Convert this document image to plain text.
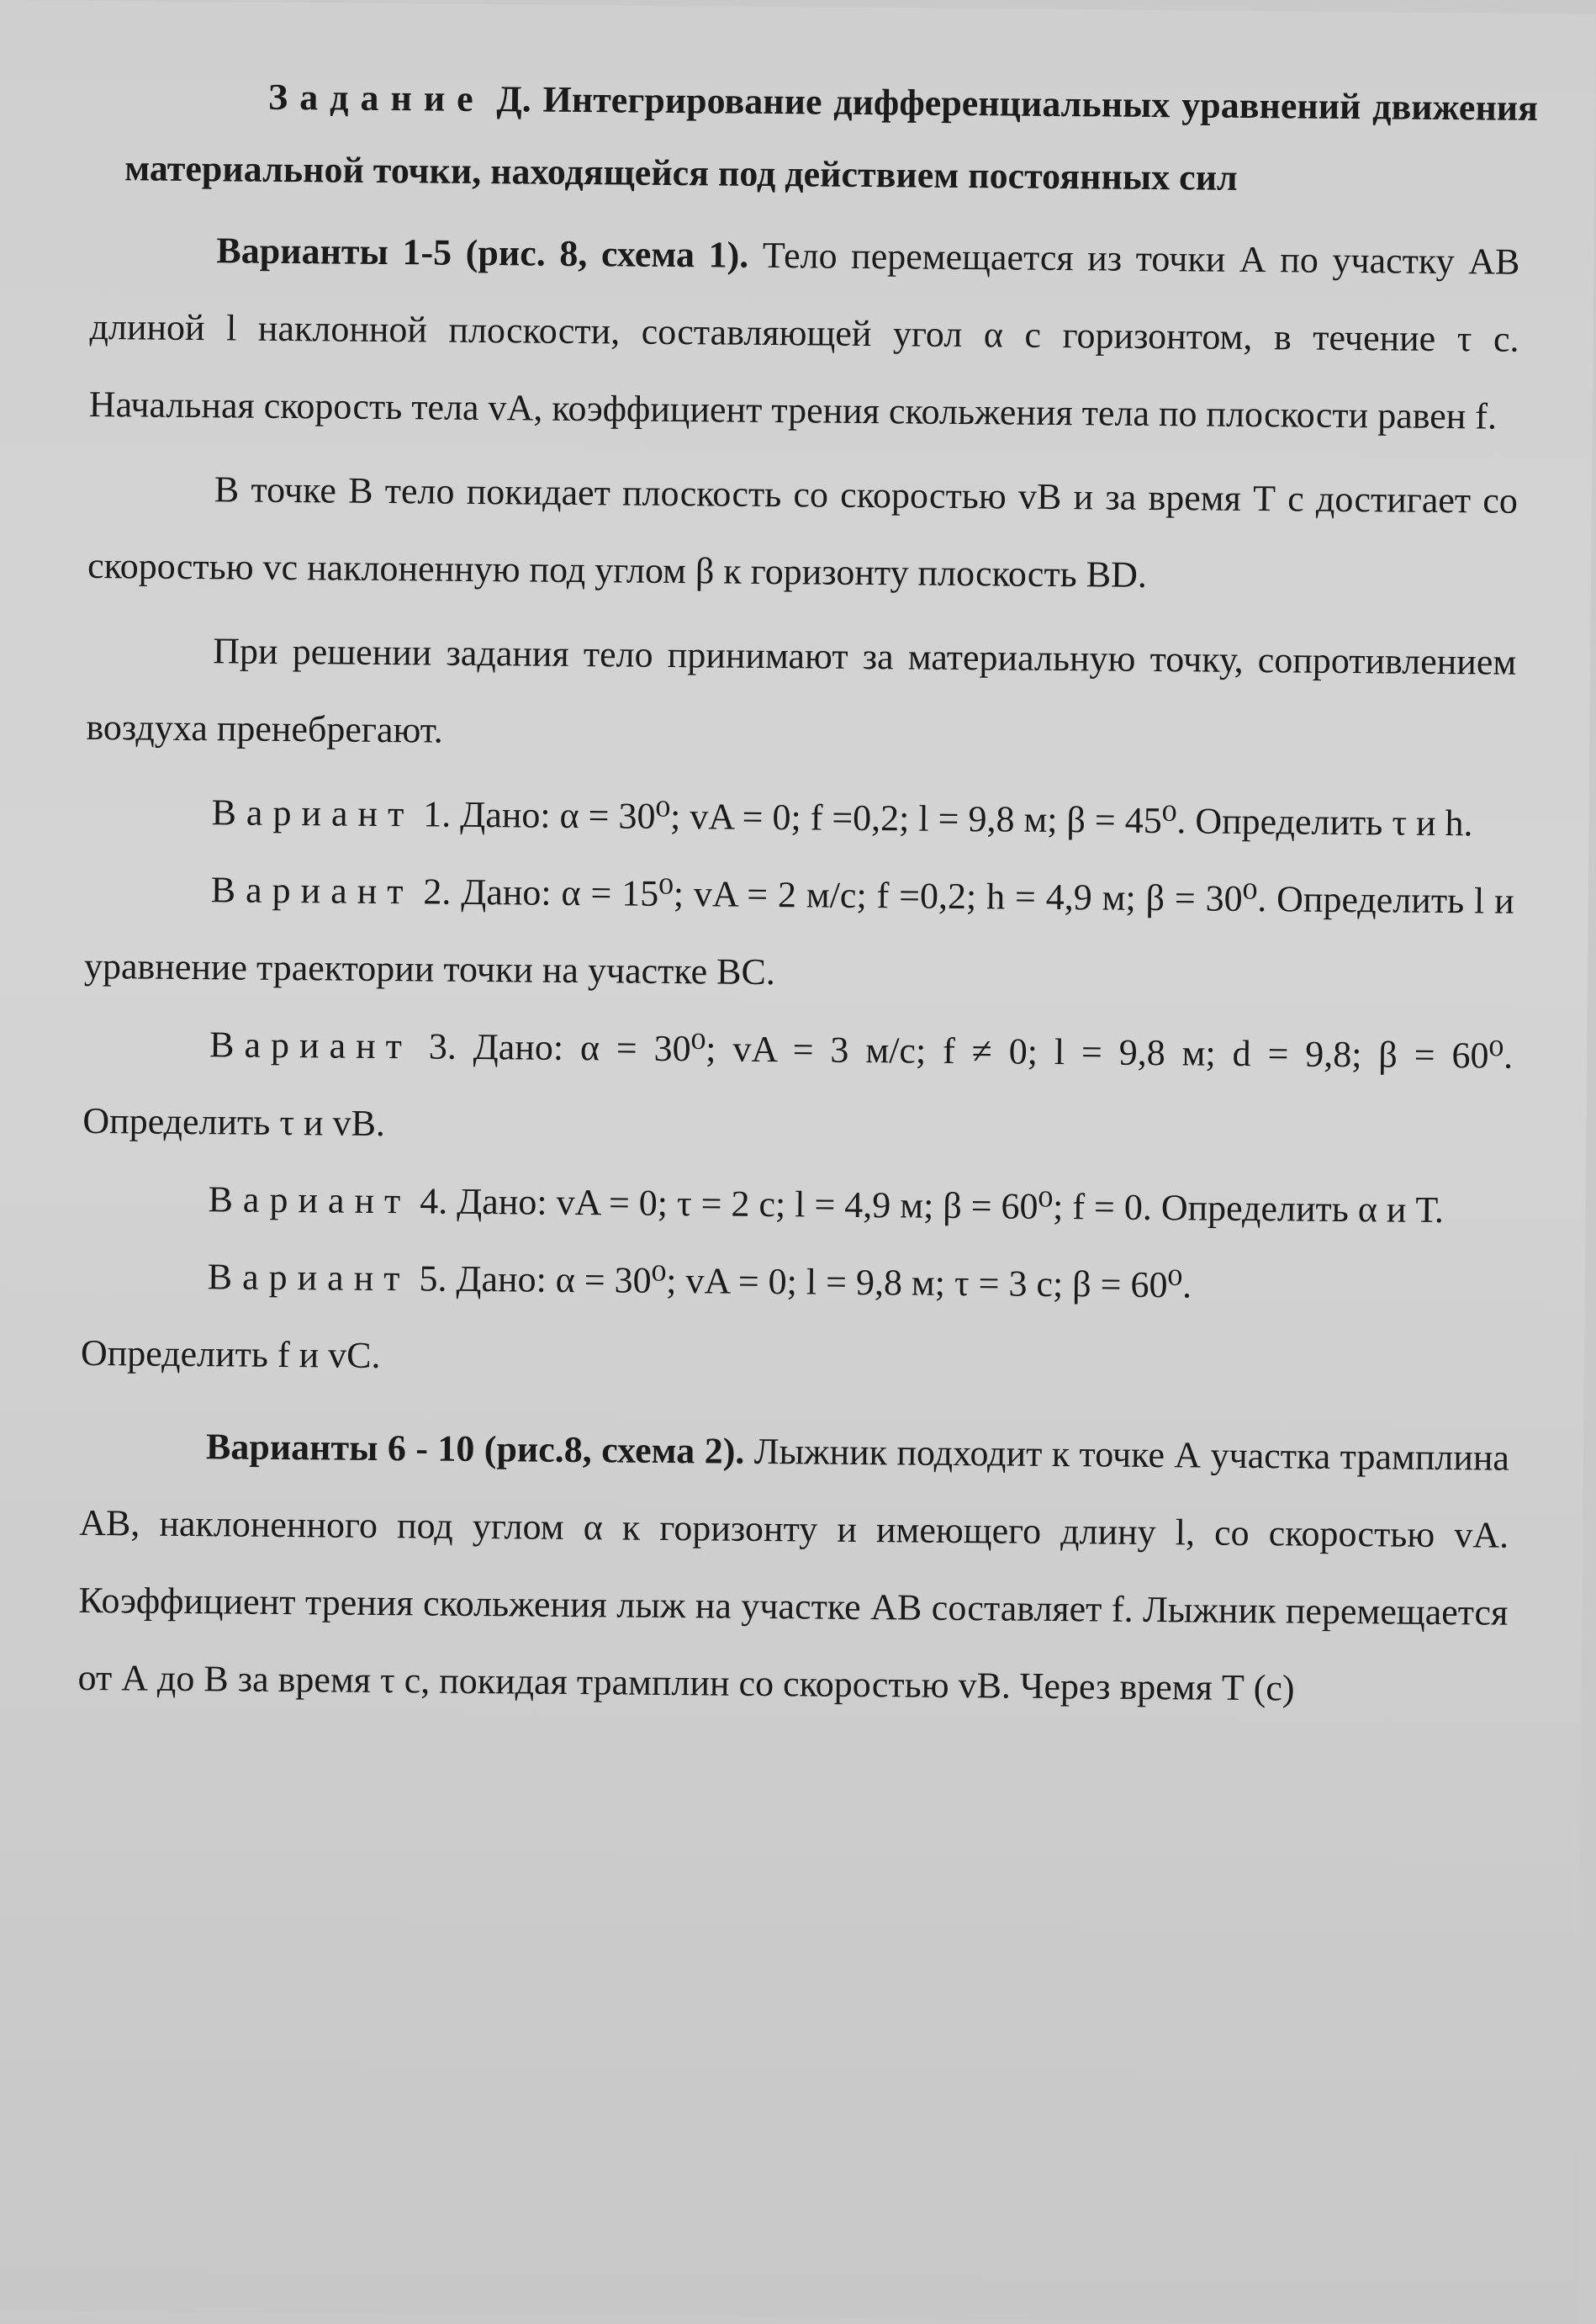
Задание Д. Интегрирование дифференциальных уравнений движения материальной точки, находящейся под действием постоянных сил

Варианты 1-5 (рис. 8, схема 1). Тело перемещается из точки А по участку АВ длиной l наклонной плоскости, составляющей угол α с горизонтом, в течение τ с. Начальная скорость тела vA, коэффициент трения скольжения тела по плоскости равен f.

В точке В тело покидает плоскость со скоростью vB и за время Т с достигает со скоростью vc наклоненную под углом β к горизонту плоскость BD.

При решении задания тело принимают за материальную точку, сопротивлением воздуха пренебрегают.

Вариант 1. Дано: α = 30⁰; vA = 0; f =0,2; l = 9,8 м; β = 45⁰. Определить τ и h.

Вариант 2. Дано: α = 15⁰; vA = 2 м/с; f =0,2; h = 4,9 м; β = 30⁰. Определить l и уравнение траектории точки на участке ВС.

Вариант 3. Дано: α = 30⁰; vA = 3 м/с; f ≠ 0; l = 9,8 м; d = 9,8; β = 60⁰. Определить τ и vB.

Вариант 4. Дано: vA = 0; τ = 2 с; l = 4,9 м; β = 60⁰; f = 0. Определить α и Т.

Вариант 5. Дано: α = 30⁰; vA = 0; l = 9,8 м; τ = 3 с; β = 60⁰.

Определить f и vC.

Варианты 6 - 10 (рис.8, схема 2). Лыжник подходит к точке А участка трамплина АВ, наклоненного под углом α к горизонту и имеющего длину l, со скоростью vA. Коэффициент трения скольжения лыж на участке АВ составляет f. Лыжник перемещается от А до В за время τ с, покидая трамплин со скоростью vB. Через время Т (с)
